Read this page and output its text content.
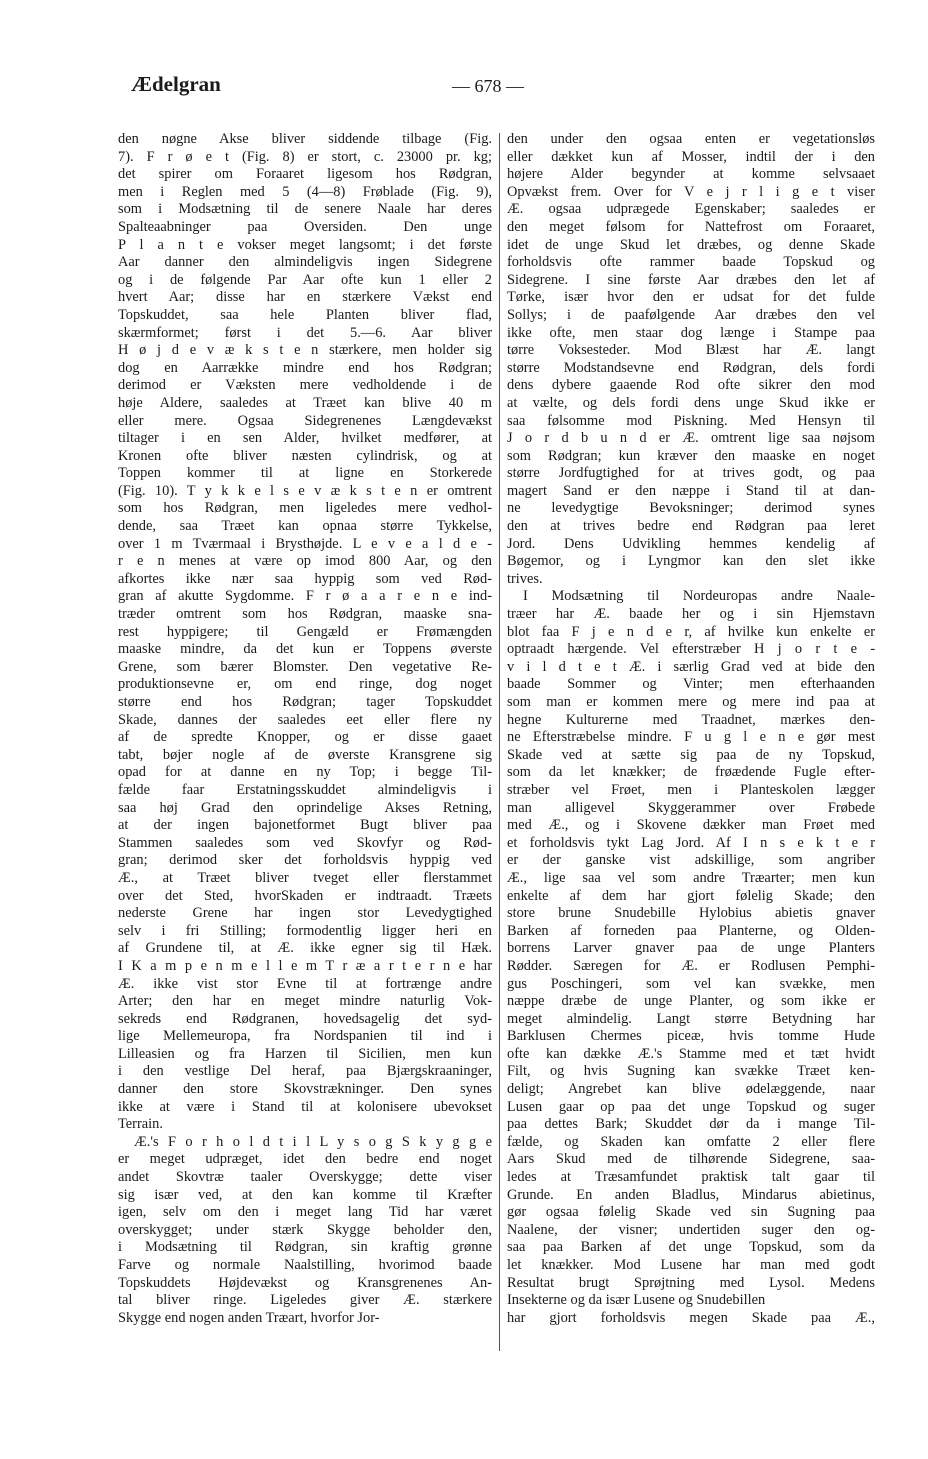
Ædelgran	— 678 —
den nøgne Akse bliver siddende tilbage (Fig.
7). F r ø e t (Fig. 8) er stort, c. 23000 pr. kg;
det spirer om Foraaret ligesom hos Rødgran,
men i Reglen med 5 (4—8) Frøblade (Fig. 9),
som i Modsætning til de senere Naale har deres
Spalteaabninger paa Oversiden. Den unge
P l a n t e vokser meget langsomt; i det første
Aar danner den almindeligvis ingen Sidegrene
og i de følgende Par Aar ofte kun 1 eller 2
hvert Aar; disse har en stærkere Vækst end
Topskuddet, saa hele Planten bliver flad,
skærmformet; først i det 5.—6. Aar bliver
H ø j d e v æ k s t e n stærkere, men holder sig
dog en Aarrække mindre end hos Rødgran;
derimod er Væksten mere vedholdende i de
høje Aldere, saaledes at Træet kan blive 40 m
eller mere. Ogsaa Sidegrenenes Længdevækst
tiltager i en sen Alder, hvilket medfører, at
Kronen ofte bliver næsten cylindrisk, og at
Toppen kommer til at ligne en Storkerede
(Fig. 10). T y k k e l s e v æ k s t e n er omtrent
som hos Rødgran, men ligeledes mere vedhol-
dende, saa Træet kan opnaa større Tykkelse,
over 1 m Tværmaal i Brysthøjde. L e v e a l d e -
r e n menes at være op imod 800 Aar, og den
afkortes ikke nær saa hyppig som ved Rød-
gran af akutte Sygdomme. F r ø a a r e n e ind-
træder omtrent som hos Rødgran, maaske sna-
rest hyppigere; til Gengæld er Frømængden
maaske mindre, da det kun er Toppens øverste
Grene, som bærer Blomster. Den vegetative Re-
produktionsevne er, om end ringe, dog noget
større end hos Rødgran; tager Topskuddet
Skade, dannes der saaledes eet eller flere ny
af de spredte Knopper, og er disse gaaet
tabt, bøjer nogle af de øverste Kransgrene sig
opad for at danne en ny Top; i begge Til-
fælde faar Erstatningsskuddet almindeligvis i
saa høj Grad den oprindelige Akses Retning,
at der ingen bajonetformet Bugt bliver paa
Stammen saaledes som ved Skovfyr og Rød-
gran; derimod sker det forholdsvis hyppig ved
Æ., at Træet bliver tveget eller flerstammet
over det Sted, hvorSkaden er indtraadt. Træets
nederste Grene har ingen stor Levedygtighed
selv i fri Stilling; formodentlig ligger heri en
af Grundene til, at Æ. ikke egner sig til Hæk.
I K a m p e n m e l l e m T r æ a r t e r n e har
Æ. ikke vist stor Evne til at fortrænge andre
Arter; den har en meget mindre naturlig Vok-
sekreds end Rødgranen, hovedsagelig det syd-
lige Mellemeuropa, fra Nordspanien til ind i
Lilleasien og fra Harzen til Sicilien, men kun
i den vestlige Del heraf, paa Bjærgskraaninger,
danner den store Skovstrækninger. Den synes
ikke at være i Stand til at kolonisere ubevokset
Terrain.
Æ.'s F o r h o l d t i l L y s o g S k y g g e
er meget udpræget, idet den bedre end noget
andet Skovtræ taaler Overskygge; dette viser
sig især ved, at den kan komme til Kræfter
igen, selv om den i meget lang Tid har været
overskygget; under stærk Skygge beholder den,
i Modsætning til Rødgran, sin kraftig grønne
Farve og normale Naalstilling, hvorimod baade
Topskuddets Højdevækst og Kransgrenenes An-
tal bliver ringe. Ligeledes giver Æ. stærkere
Skygge end nogen anden Træart, hvorfor Jor-
den under den ogsaa enten er vegetationsløs
eller dækket kun af Mosser, indtil der i den
højere Alder begynder at komme selvsaaet
Opvækst frem. Over for V e j r l i g e t viser
Æ. ogsaa udprægede Egenskaber; saaledes er
den meget følsom for Nattefrost om Foraaret,
idet de unge Skud let dræbes, og denne Skade
forholdsvis ofte rammer baade Topskud og
Sidegrene. I sine første Aar dræbes den let af
Tørke, især hvor den er udsat for det fulde
Sollys; i de paafølgende Aar dræbes den vel
ikke ofte, men staar dog længe i Stampe paa
tørre Voksesteder. Mod Blæst har Æ. langt
større Modstandsevne end Rødgran, dels fordi
dens dybere gaaende Rod ofte sikrer den mod
at vælte, og dels fordi dens unge Skud ikke er
saa følsomme mod Piskning. Med Hensyn til
J o r d b u n d er Æ. omtrent lige saa nøjsom
som Rødgran; kun kræver den maaske en noget
større Jordfugtighed for at trives godt, og paa
magert Sand er den næppe i Stand til at dan-
ne levedygtige Bevoksninger; derimod synes
den at trives bedre end Rødgran paa leret
Jord. Dens Udvikling hemmes kendelig af
Bøgemor, og i Lyngmor kan den slet ikke
trives.
I Modsætning til Nordeuropas andre Naale-
træer har Æ. baade her og i sin Hjemstavn
blot faa F j e n d e r, af hvilke kun enkelte er
optraadt hærgende. Vel efterstræber H j o r t e -
v i l d t e t Æ. i særlig Grad ved at bide den
baade Sommer og Vinter; men efterhaanden
som man er kommen mere og mere ind paa at
hegne Kulturerne med Traadnet, mærkes den-
ne Efterstræbelse mindre. F u g l e n e gør mest
Skade ved at sætte sig paa de ny Topskud,
som da let knækker; de frøædende Fugle efter-
stræber vel Frøet, men i Planteskolen lægger
man alligevel Skyggerammer over Frøbede
med Æ., og i Skovene dækker man Frøet med
et forholdsvis tykt Lag Jord. Af I n s e k t e r
er der ganske vist adskillige, som angriber
Æ., lige saa vel som andre Træarter; men kun
enkelte af dem har gjort følelig Skade; den
store brune Snudebille Hylobius abietis gnaver
Barken af forneden paa Planterne, og Olden-
borrens Larver gnaver paa de unge Planters
Rødder. Særegen for Æ. er Rodlusen Pemphi-
gus Poschingeri, som vel kan svække, men
næppe dræbe de unge Planter, og som ikke er
meget almindelig. Langt større Betydning har
Barklusen Chermes piceæ, hvis tomme Hude
ofte kan dække Æ.'s Stamme med et tæt hvidt
Filt, og hvis Sugning kan svække Træet ken-
deligt; Angrebet kan blive ødelæggende, naar
Lusen gaar op paa det unge Topskud og suger
paa dettes Bark; Skuddet dør da i mange Til-
fælde, og Skaden kan omfatte 2 eller flere
Aars Skud med de tilhørende Sidegrene, saa-
ledes at Træsamfundet praktisk talt gaar til
Grunde. En anden Bladlus, Mindarus abietinus,
gør ogsaa følelig Skade ved sin Sugning paa
Naalene, der visner; undertiden suger den og-
saa paa Barken af det unge Topskud, som da
let knækker. Mod Lusene har man med godt
Resultat brugt Sprøjtning med Lysol. Medens
Insekterne og da især Lusene og Snudebillen
har gjort forholdsvis megen Skade paa Æ.,
